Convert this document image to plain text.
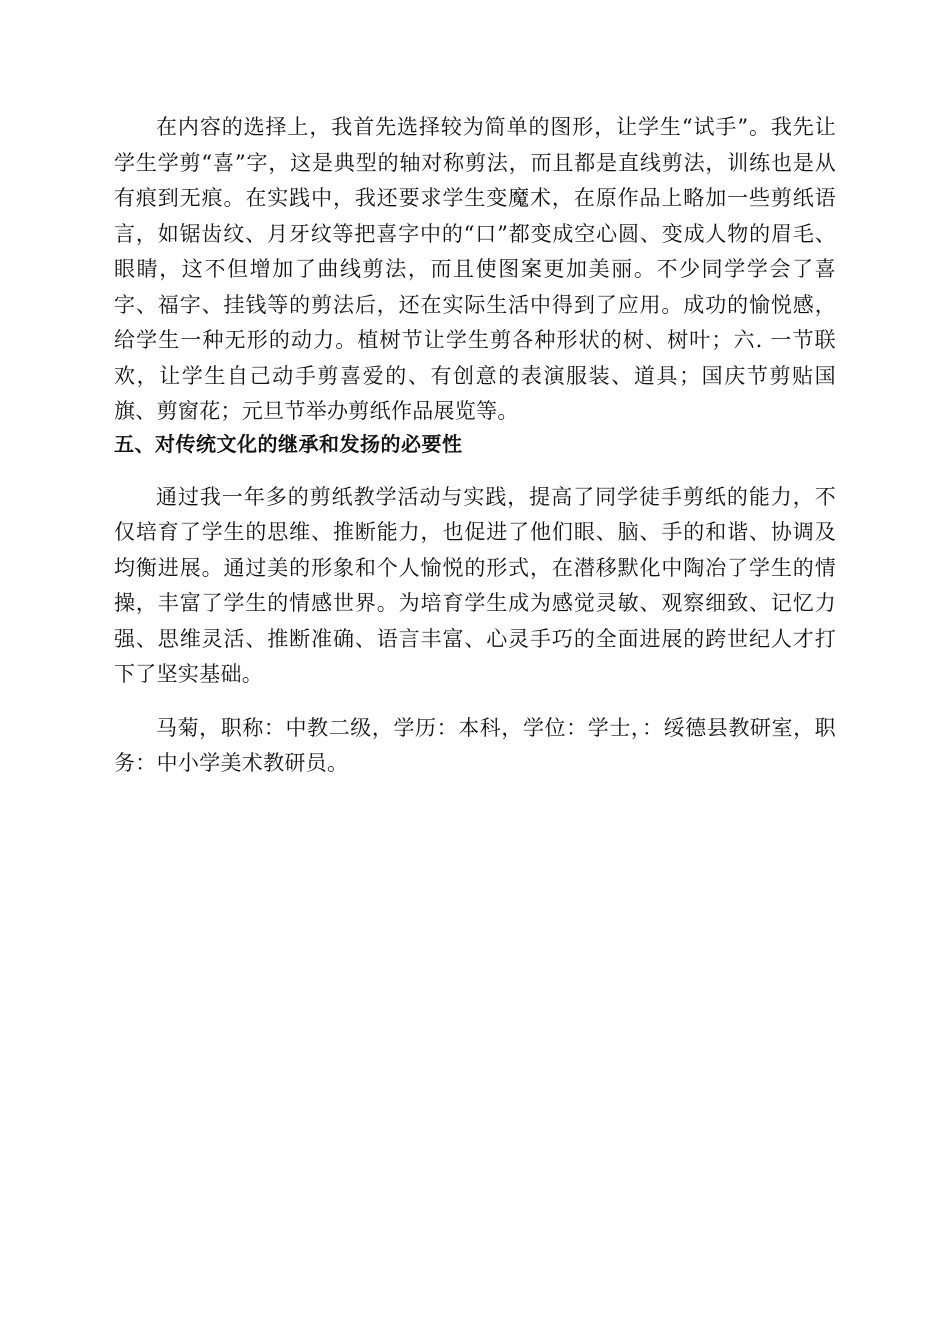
在内容的选择上，我首先选择较为简单的图形，让学生“试手”。我先让学生学剪“喜”字，这是典型的轴对称剪法，而且都是直线剪法，训练也是从有痕到无痕。在实践中，我还要求学生变魔术，在原作品上略加一些剪纸语言，如锯齿纹、月牙纹等把喜字中的“口”都变成空心圆、变成人物的眉毛、眼睛，这不但增加了曲线剪法，而且使图案更加美丽。不少同学学会了喜字、福字、挂钱等的剪法后，还在实际生活中得到了应用。成功的愉悦感，给学生一种无形的动力。植树节让学生剪各种形状的树、树叶；六. 一节联欢，让学生自己动手剪喜爱的、有创意的表演服装、道具；国庆节剪贴国旗、剪窗花；元旦节举办剪纸作品展览等。

五、对传统文化的继承和发扬的必要性

通过我一年多的剪纸教学活动与实践，提高了同学徒手剪纸的能力，不仅培育了学生的思维、推断能力，也促进了他们眼、脑、手的和谐、协调及均衡进展。通过美的形象和个人愉悦的形式，在潜移默化中陶冶了学生的情操，丰富了学生的情感世界。为培育学生成为感觉灵敏、观察细致、记忆力强、思维灵活、推断准确、语言丰富、心灵手巧的全面进展的跨世纪人才打下了坚实基础。

马菊，职称：中教二级，学历：本科，学位：学士，：绥德县教研室，职务：中小学美术教研员。
